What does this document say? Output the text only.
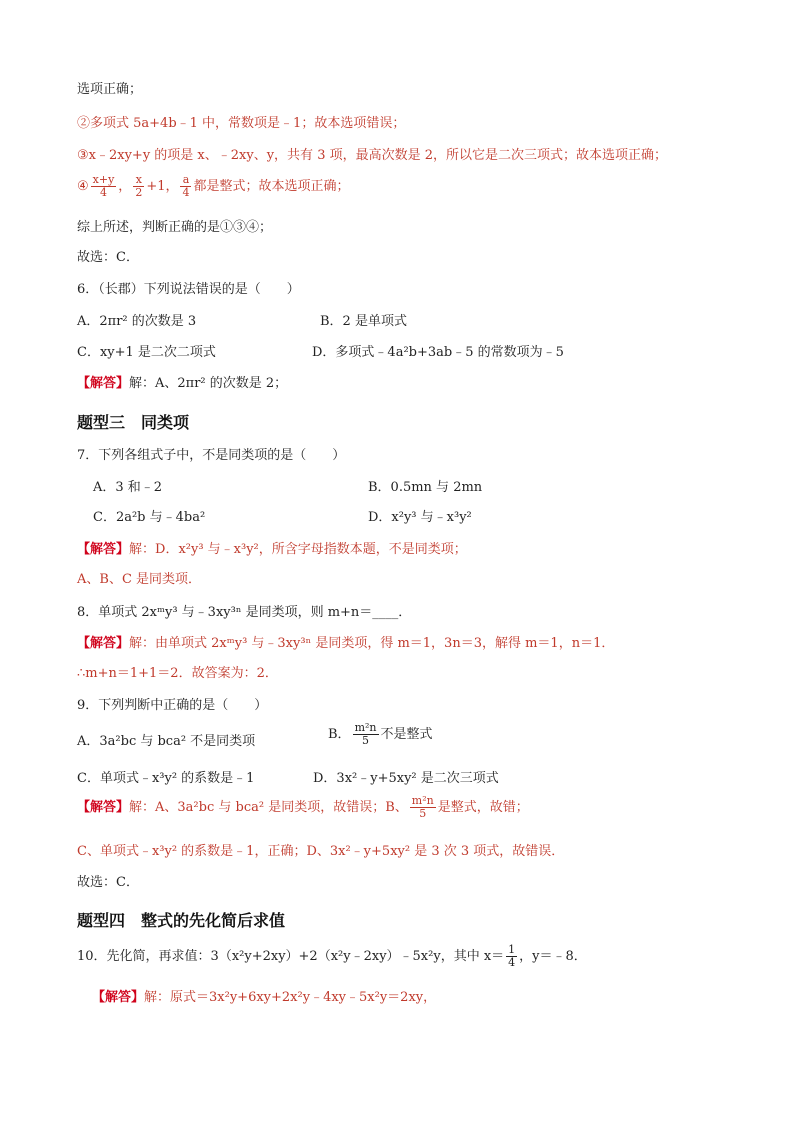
选项正确；
②多项式 5a+4b﹣1 中，常数项是﹣1；故本选项错误；
③x﹣2xy+y 的项是 x、﹣2xy、y，共有 3 项，最高次数是 2，所以它是二次三项式；故本选项正确；
④ $\frac{x+y}{4}$ ， $\frac{x}{2} +1$， $\frac{a}{4}$ 都是整式；故本选项正确；
综上所述，判断正确的是①③④；
故选：C．
6．（长郡）下列说法错误的是（　　）
A．2πr² 的次数是 3	B．2 是单项式
C．xy+1 是二次二项式	D．多项式﹣4a²b+3ab﹣5 的常数项为﹣5
【解答】解：A、2πr² 的次数是 2；
题型三　同类项
7．下列各组式子中，不是同类项的是（　　）
A．3 和﹣2	B．0.5mn 与 2mn
C．2a²b 与﹣4ba²	D．x²y³ 与﹣x³y²
【解答】解：D．x²y³ 与﹣x³y²，所含字母指数本题，不是同类项；
A、B、C 是同类项．
8．单项式 2xᵐy³ 与﹣3xy³ⁿ 是同类项，则 m+n＝____．
【解答】解：由单项式 2xᵐy³ 与﹣3xy³ⁿ 是同类项，得 m＝1，3n＝3，解得 m＝1，n＝1．
∴m+n＝1+1＝2．故答案为：2．
9．下列判断中正确的是（　　）
A．3a²bc 与 bca² 不是同类项	B． $\frac{\text{m²n}}{5}$ 不是整式
C．单项式﹣x³y² 的系数是﹣1	D．3x²﹣y+5xy² 是二次三项式
【解答】解：A、3a²bc 与 bca² 是同类项，故错误；B、 $\frac{\text{m²n}}{5}$ 是整式，故错；
C、单项式﹣x³y² 的系数是﹣1，正确；D、3x²﹣y+5xy² 是 3 次 3 项式，故错误．
故选：C．
题型四　整式的先化简后求值
10．先化简，再求值：3（x²y+2xy）+2（x²y﹣2xy）﹣5x²y，其中 $x= \frac{1}{4}$ ，y＝﹣8．
【解答】解：原式＝3x²y+6xy+2x²y﹣4xy﹣5x²y＝2xy，
